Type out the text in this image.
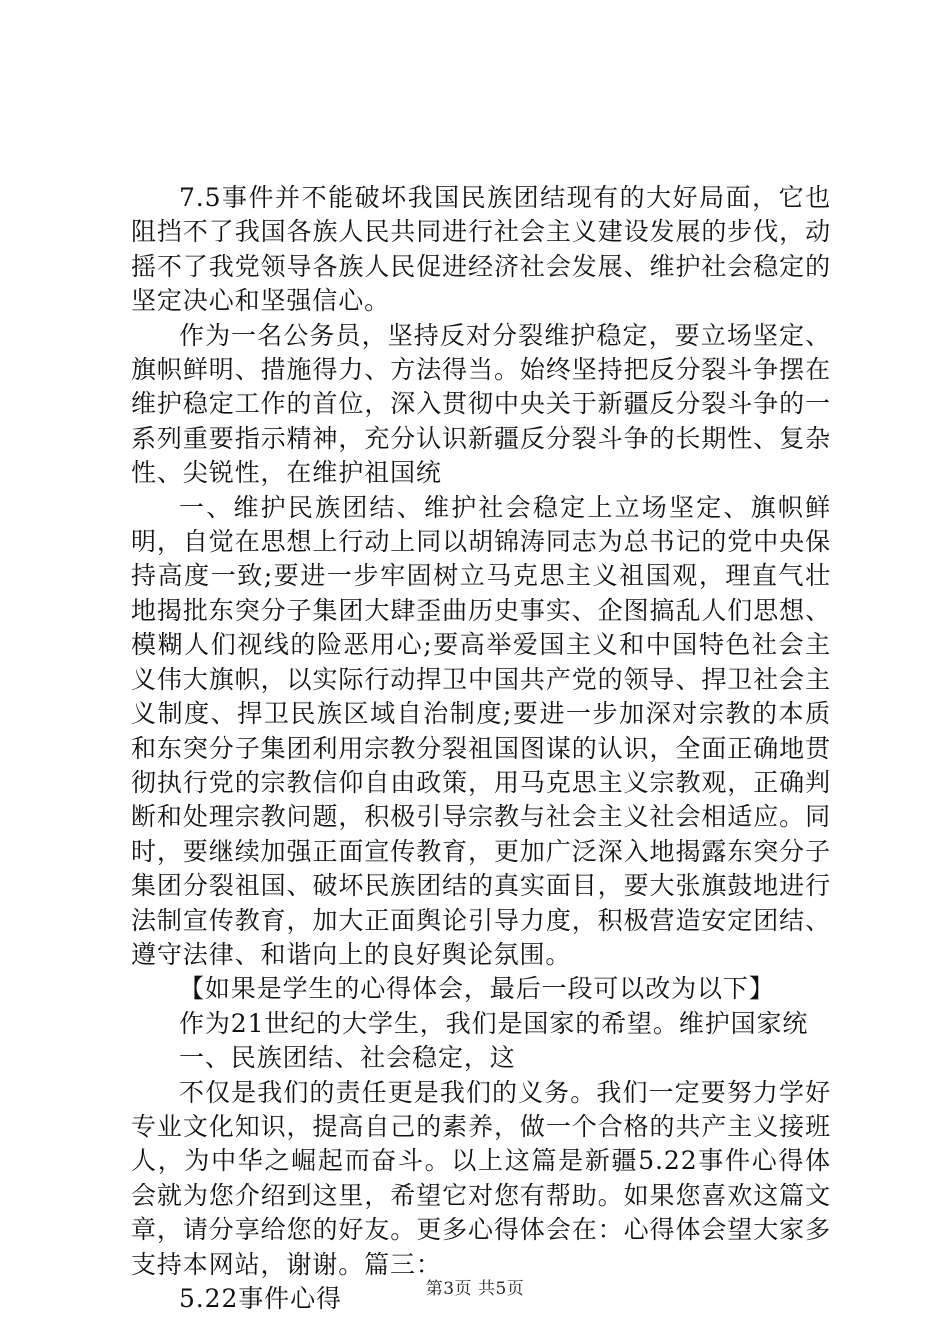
7.5事件并不能破坏我国民族团结现有的大好局面，它也阻挡不了我国各族人民共同进行社会主义建设发展的步伐，动摇不了我党领导各族人民促进经济社会发展、维护社会稳定的坚定决心和坚强信心。

作为一名公务员，坚持反对分裂维护稳定，要立场坚定、旗帜鲜明、措施得力、方法得当。始终坚持把反分裂斗争摆在维护稳定工作的首位，深入贯彻中央关于新疆反分裂斗争的一系列重要指示精神，充分认识新疆反分裂斗争的长期性、复杂性、尖锐性，在维护祖国统

一、维护民族团结、维护社会稳定上立场坚定、旗帜鲜明，自觉在思想上行动上同以胡锦涛同志为总书记的党中央保持高度一致;要进一步牢固树立马克思主义祖国观，理直气壮地揭批东突分子集团大肆歪曲历史事实、企图搞乱人们思想、模糊人们视线的险恶用心;要高举爱国主义和中国特色社会主义伟大旗帜，以实际行动捍卫中国共产党的领导、捍卫社会主义制度、捍卫民族区域自治制度;要进一步加深对宗教的本质和东突分子集团利用宗教分裂祖国图谋的认识，全面正确地贯彻执行党的宗教信仰自由政策，用马克思主义宗教观，正确判断和处理宗教问题，积极引导宗教与社会主义社会相适应。同时，要继续加强正面宣传教育，更加广泛深入地揭露东突分子集团分裂祖国、破坏民族团结的真实面目，要大张旗鼓地进行法制宣传教育，加大正面舆论引导力度，积极营造安定团结、遵守法律、和谐向上的良好舆论氛围。

【如果是学生的心得体会，最后一段可以改为以下】

作为21世纪的大学生，我们是国家的希望。维护国家统

一、民族团结、社会稳定，这

不仅是我们的责任更是我们的义务。我们一定要努力学好专业文化知识，提高自己的素养，做一个合格的共产主义接班人，为中华之崛起而奋斗。以上这篇是新疆5.22事件心得体会就为您介绍到这里，希望它对您有帮助。如果您喜欢这篇文章，请分享给您的好友。更多心得体会在：心得体会望大家多支持本网站，谢谢。篇三：

5.22事件心得	第3页 共5页
